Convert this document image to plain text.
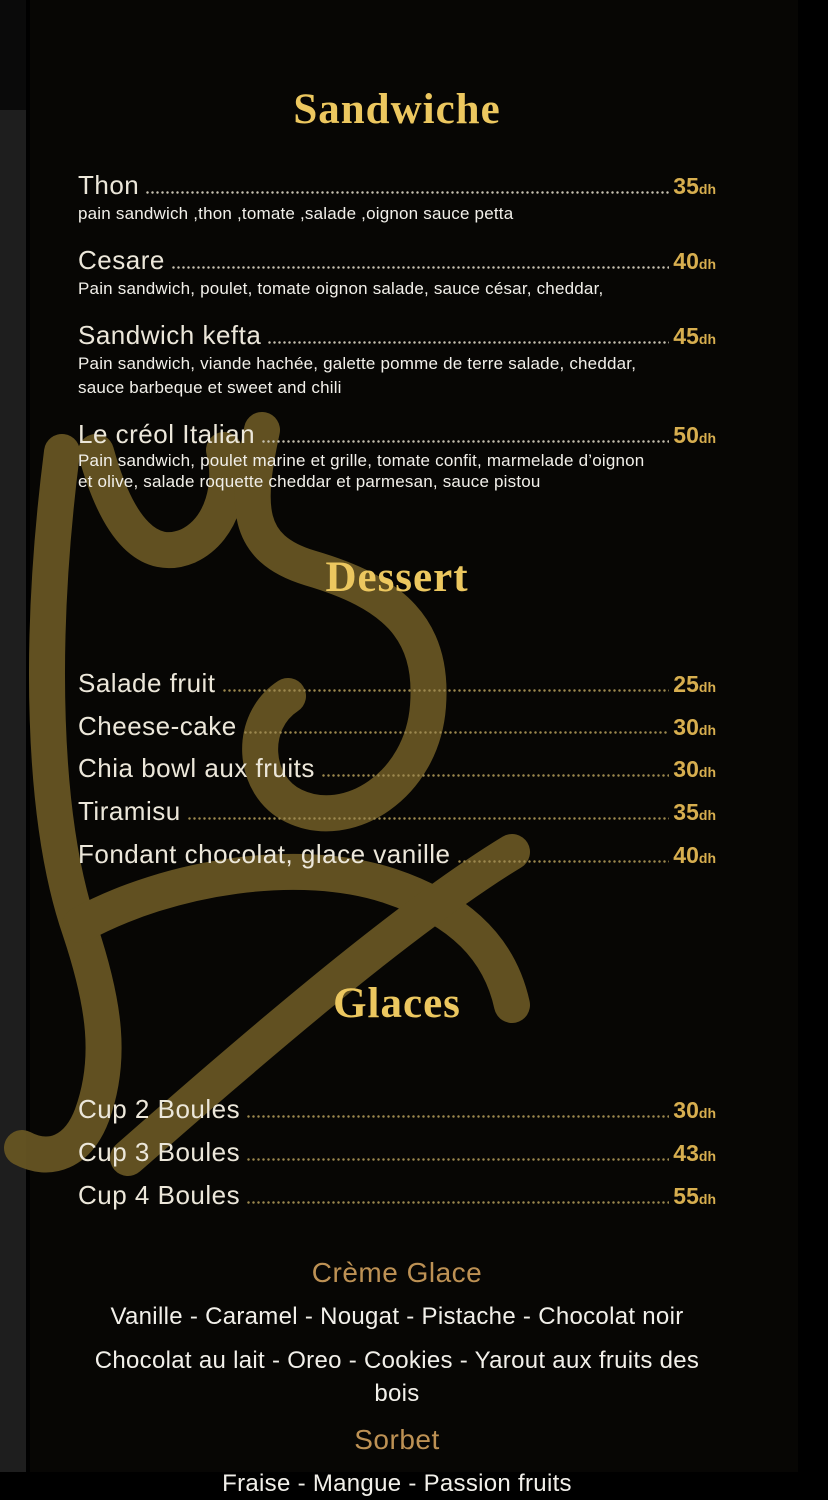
Sandwiche
Thon	35dh
pain sandwich ,thon ,tomate ,salade ,oignon sauce petta
Cesare	40dh
Pain sandwich, poulet, tomate oignon salade, sauce césar, cheddar,
Sandwich kefta	45dh
Pain sandwich, viande hachée, galette pomme de terre salade, cheddar,
sauce barbeque et sweet and chili
Le créol Italian	50dh
Pain sandwich, poulet marine et grille, tomate confit, marmelade d’oignon
et olive, salade roquette cheddar et parmesan, sauce pistou
Dessert
Salade fruit	25dh
Cheese-cake	30dh
Chia bowl aux fruits	30dh
Tiramisu	35dh
Fondant chocolat, glace vanille	40dh
Glaces
Cup 2 Boules	30dh
Cup 3 Boules	43dh
Cup 4 Boules	55dh
Crème Glace
Vanille - Caramel - Nougat - Pistache - Chocolat noir
Chocolat au lait - Oreo - Cookies - Yarout aux fruits des bois
Sorbet
Fraise - Mangue - Passion fruits
